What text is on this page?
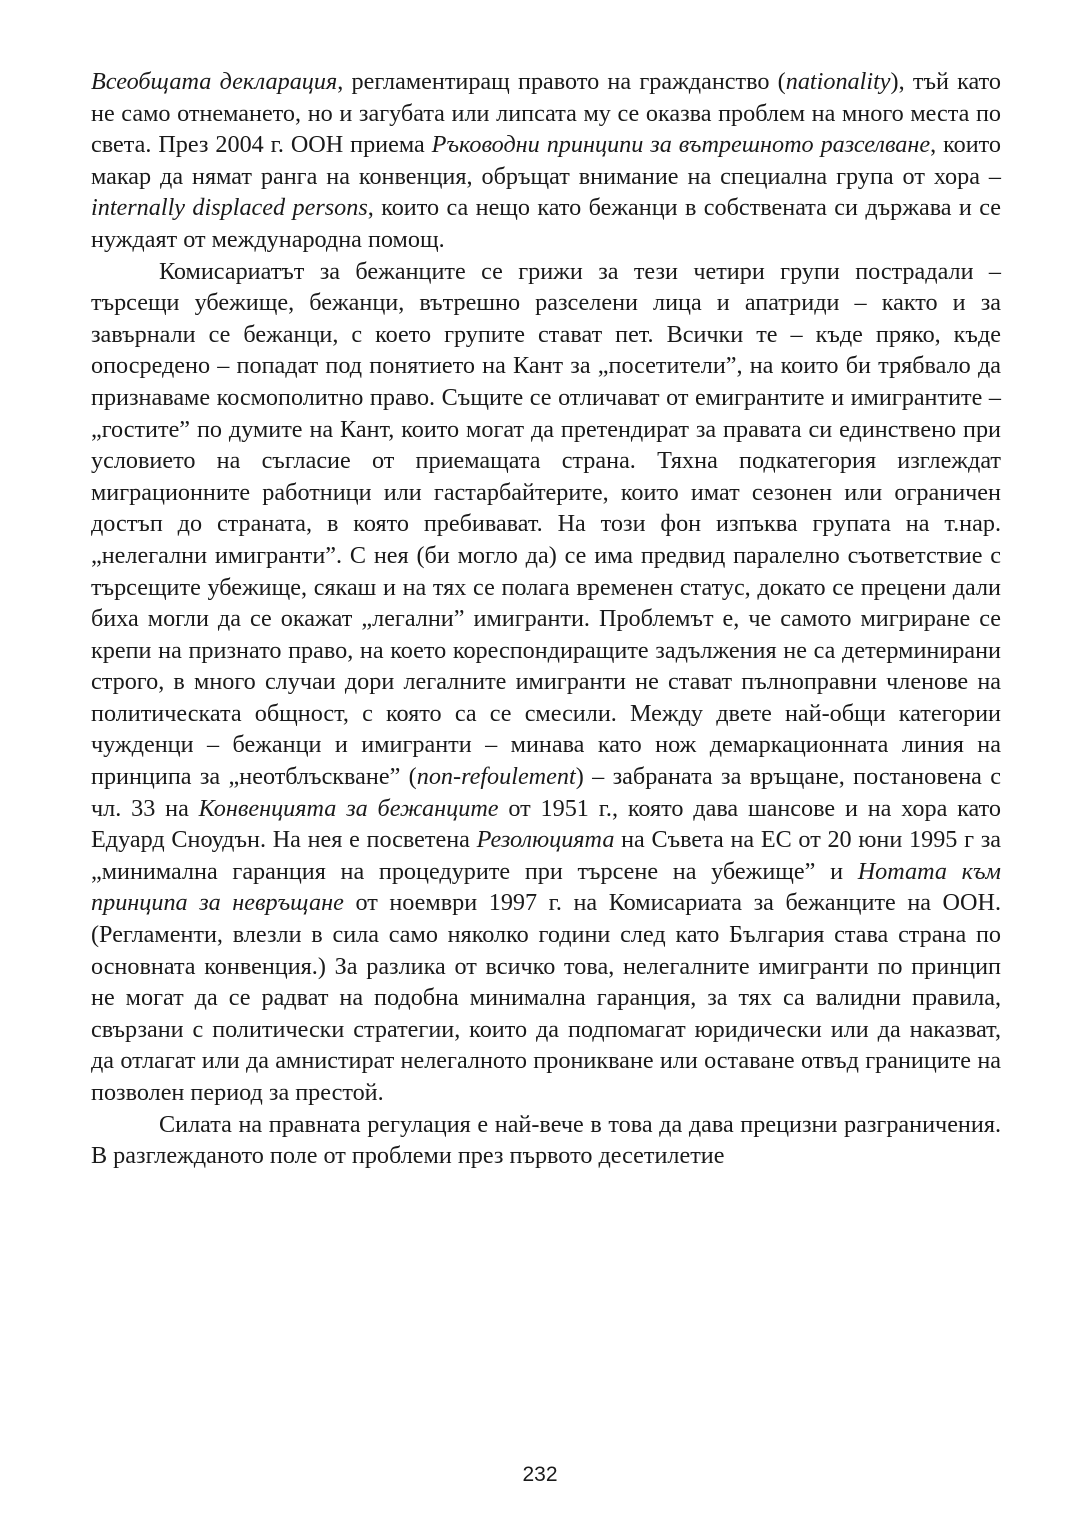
Всеобщата декларация, регламентиращ правото на гражданство (nationality), тъй като не само отнемането, но и загубата или липсата му се оказва проблем на много места по света. През 2004 г. ООН приема Ръководни принципи за вътрешното разселване, които макар да нямат ранга на конвенция, обръщат внимание на специална група от хора – internally displaced persons, които са нещо като бежанци в собствената си държава и се нуждаят от международна помощ.

Комисариатът за бежанците се грижи за тези четири групи пострадали – търсещи убежище, бежанци, вътрешно разселени лица и апатриди – както и за завърнали се бежанци, с което групите стават пет. Всички те – къде пряко, къде опосредено – попадат под понятието на Кант за „посетители”, на които би трябвало да признаваме космополитно право. Същите се отличават от емигрантите и имигрантите – „гостите” по думите на Кант, които могат да претендират за правата си единствено при условието на съгласие от приемащата страна. Тяхна подкатегория изглеждат миграционните работници или гастарбайтерите, които имат сезонен или ограничен достъп до страната, в която пребивават. На този фон изпъква групата на т.нар. „нелегални имигранти”. С нея (би могло да) се има предвид паралелно съответствие с търсещите убежище, сякаш и на тях се полага временен статус, докато се прецени дали биха могли да се окажат „легални” имигранти. Проблемът е, че самото мигриране се крепи на признато право, на което кореспондиращите задължения не са детерминирани строго, в много случаи дори легалните имигранти не стават пълноправни членове на политическата общност, с която са се смесили. Между двете най-общи категории чужденци – бежанци и имигранти – минава като нож демаркационната линия на принципа за „неотблъскване” (non-refoulement) – забраната за връщане, постановена с чл. 33 на Конвенцията за бежанците от 1951 г., която дава шансове и на хора като Едуард Сноудън. На нея е посветена Резолюцията на Съвета на ЕС от 20 юни 1995 г за „минимална гаранция на процедурите при търсене на убежище” и Нотата към принципа за невръщане от ноември 1997 г. на Комисариата за бежанците на ООН. (Регламенти, влезли в сила само няколко години след като България става страна по основната конвенция.) За разлика от всичко това, нелегалните имигранти по принцип не могат да се радват на подобна минимална гаранция, за тях са валидни правила, свързани с политически стратегии, които да подпомагат юридически или да наказват, да отлагат или да амнистират нелегалното проникване или оставане отвъд границите на позволен период за престой.

Силата на правната регулация е най-вече в това да дава прецизни разграничения. В разглежданото поле от проблеми през първото десетилетие

232
